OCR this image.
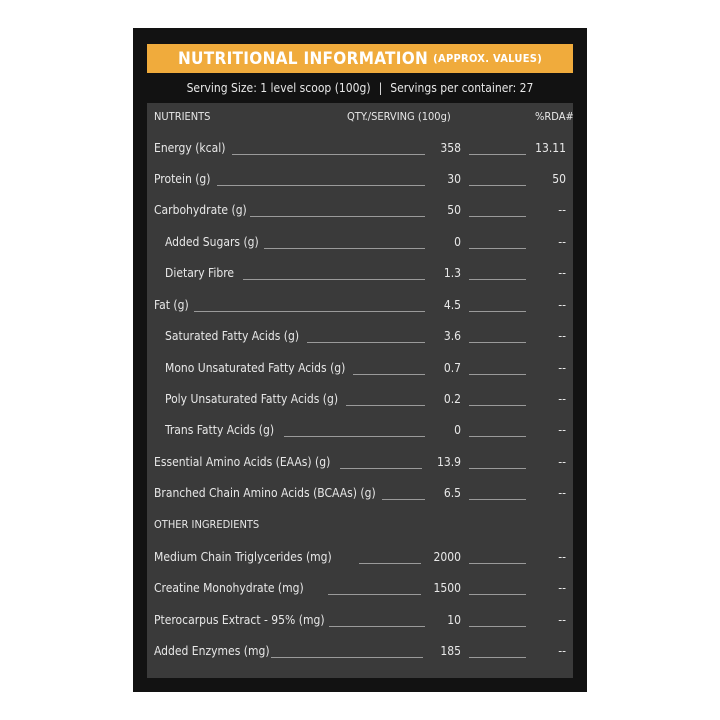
NUTRITIONAL INFORMATION (APPROX. VALUES)
Serving Size: 1 level scoop (100g) | Servings per container: 27
NUTRIENTS	QTY./SERVING (100g)	%RDA#
Energy (kcal)	358	13.11
Protein (g)	30	50
Carbohydrate (g)	50	--
Added Sugars (g)	0	--
Dietary Fibre	1.3	--
Fat (g)	4.5	--
Saturated Fatty Acids (g)	3.6	--
Mono Unsaturated Fatty Acids (g)	0.7	--
Poly Unsaturated Fatty Acids (g)	0.2	--
Trans Fatty Acids (g)	0	--
Essential Amino Acids (EAAs) (g)	13.9	--
Branched Chain Amino Acids (BCAAs) (g)	6.5	--
OTHER INGREDIENTS
Medium Chain Triglycerides (mg)	2000	--
Creatine Monohydrate (mg)	1500	--
Pterocarpus Extract - 95% (mg)	10	--
Added Enzymes (mg)	185	--
